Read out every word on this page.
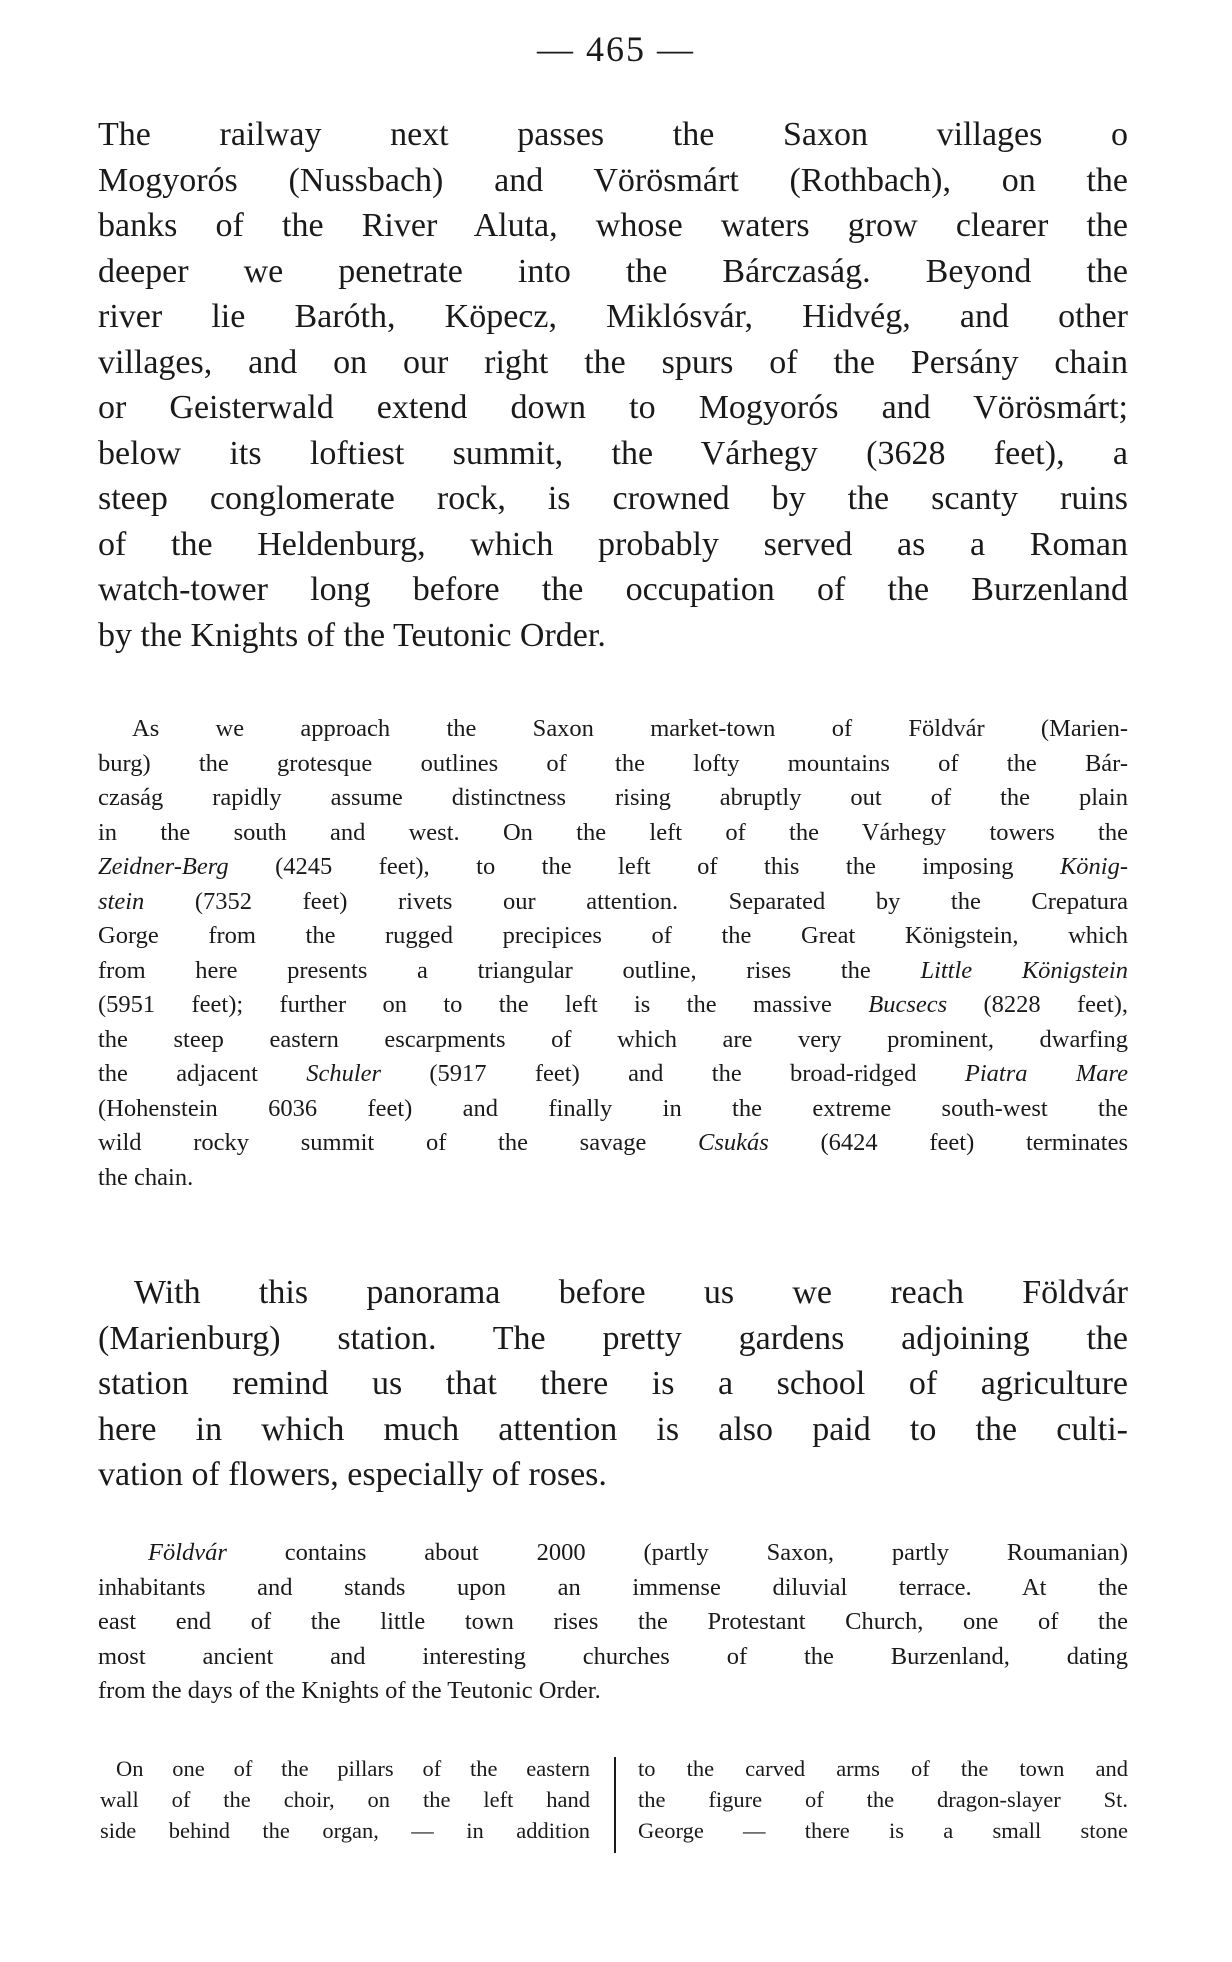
— 465 —
The railway next passes the Saxon villages o
Mogyorós (Nussbach) and Vörösmárt (Rothbach), on the
banks of the River Aluta, whose waters grow clearer the
deeper we penetrate into the Bárczaság. Beyond the
river lie Baróth, Köpecz, Miklósvár, Hidvég, and other
villages, and on our right the spurs of the Persány chain
or Geisterwald extend down to Mogyorós and Vörösmárt;
below its loftiest summit, the Várhegy (3628 feet), a
steep conglomerate rock, is crowned by the scanty ruins
of the Heldenburg, which probably served as a Roman
watch-tower long before the occupation of the Burzenland
by the Knights of the Teutonic Order.
As we approach the Saxon market-town of Földvár (Marien-
burg) the grotesque outlines of the lofty mountains of the Bár-
czaság rapidly assume distinctness rising abruptly out of the plain
in the south and west. On the left of the Várhegy towers the
Zeidner-Berg (4245 feet), to the left of this the imposing König-
stein (7352 feet) rivets our attention. Separated by the Crepatura
Gorge from the rugged precipices of the Great Königstein, which
from here presents a triangular outline, rises the Little Königstein
(5951 feet); further on to the left is the massive Bucsecs (8228 feet),
the steep eastern escarpments of which are very prominent, dwarfing
the adjacent Schuler (5917 feet) and the broad-ridged Piatra Mare
(Hohenstein 6036 feet) and finally in the extreme south-west the
wild rocky summit of the savage Csukás (6424 feet) terminates
the chain.
With this panorama before us we reach Földvár
(Marienburg) station. The pretty gardens adjoining the
station remind us that there is a school of agriculture
here in which much attention is also paid to the culti-
vation of flowers, especially of roses.
Földvár contains about 2000 (partly Saxon, partly Roumanian)
inhabitants and stands upon an immense diluvial terrace. At the
east end of the little town rises the Protestant Church, one of the
most ancient and interesting churches of the Burzenland, dating
from the days of the Knights of the Teutonic Order.
On one of the pillars of the eastern
wall of the choir, on the left hand
side behind the organ, — in addition
to the carved arms of the town and
the figure of the dragon-slayer St.
George — there is a small stone
